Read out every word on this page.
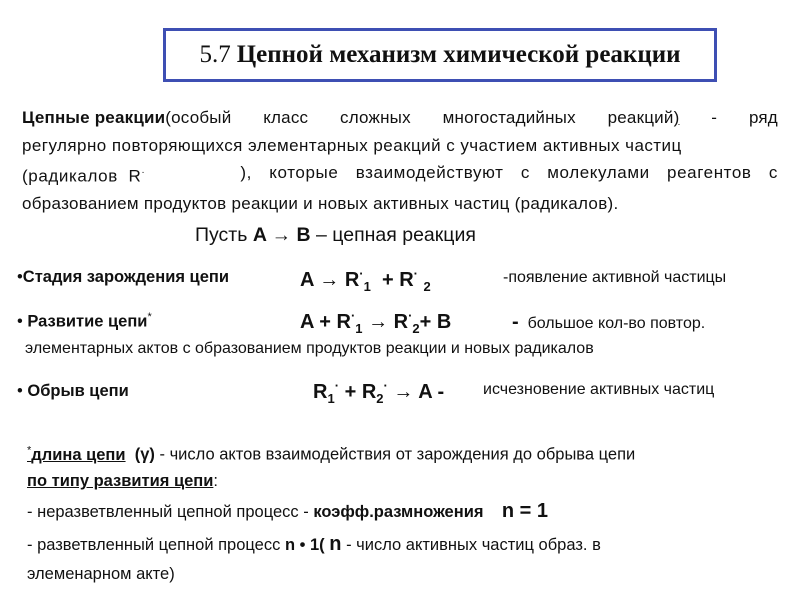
5.7 Цепной механизм химической реакции
Цепные реакции(особый класс сложных многостадийных реакций) - ряд
регулярно повторяющихся элементарных реакций с участием активных частиц
(радикалов R·	), которые взаимодействуют с молекулами реагентов с
образованием продуктов реакции и новых активных частиц (радикалов).
Пусть A → B – цепная реакция
•Стадия зарождения цепи	$A \to R^\cdot_1 + R^\cdot$ $_2$
-появление активной частицы
• Развитие цепи*	$A + R^\cdot_1 \to R^\cdot_2+ B$	- большое кол-во повтор.
элементарных актов с образованием продуктов реакции и новых радикалов
• Обрыв цепи	$R_1^\cdot + R_2^\cdot \to A$ - исчезновение активных частиц
*длина цепи (γ) - число актов взаимодействия от зарождения до обрыва цепи
по типу развития цепи:
- неразветвленный цепной процесс - коэфф.размножения n = 1
- разветвленный цепной процесс n • 1( n - число активных частиц образ. в
элеменарном акте)
